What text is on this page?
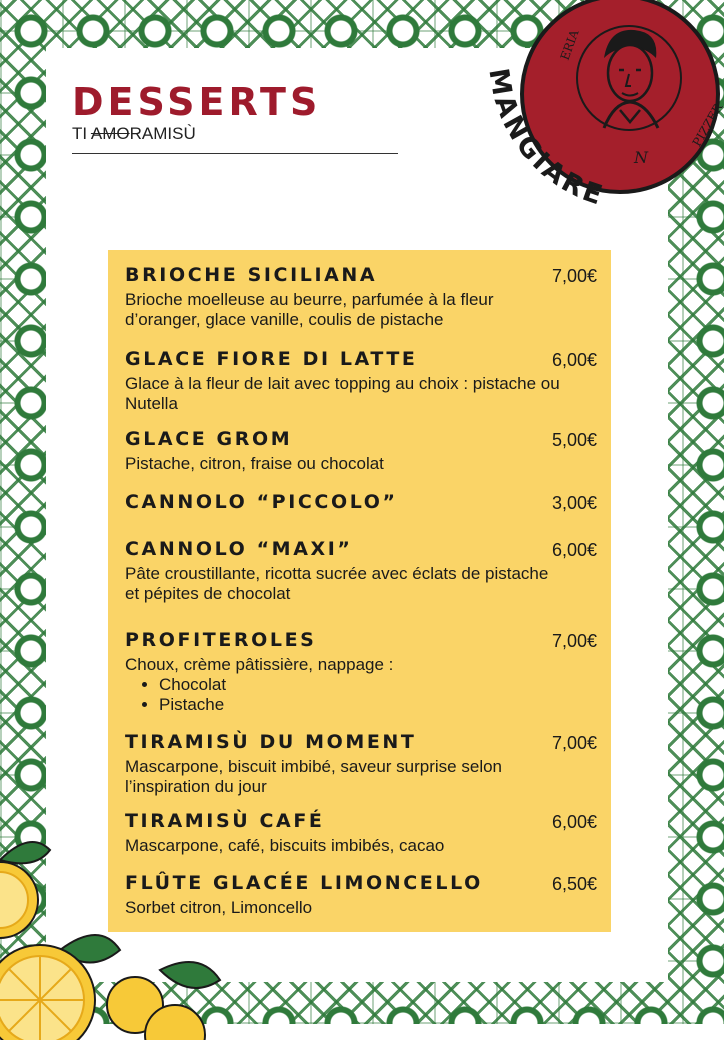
ERIA
PIZZER
N
MANGIARE
DESSERTS
TI AMORAMISÙ
BRIOCHE SICILIANA	7,00€
Brioche moelleuse au beurre, parfumée à la fleur d’oranger, glace vanille, coulis de pistache
GLACE FIORE DI LATTE	6,00€
Glace à la fleur de lait avec topping au choix : pistache ou Nutella
GLACE GROM	5,00€
Pistache, citron, fraise ou chocolat
CANNOLO “PICCOLO”	3,00€
CANNOLO “MAXI”	6,00€
Pâte croustillante, ricotta sucrée avec éclats de pistache et pépites de chocolat
PROFITEROLES	7,00€
Choux, crème pâtissière, nappage :
• Chocolat
• Pistache
TIRAMISÙ DU MOMENT	7,00€
Mascarpone, biscuit imbibé, saveur surprise selon l’inspiration du jour
TIRAMISÙ CAFÉ	6,00€
Mascarpone, café, biscuits imbibés, cacao
FLÛTE GLACÉE LIMONCELLO	6,50€
Sorbet citron, Limoncello
